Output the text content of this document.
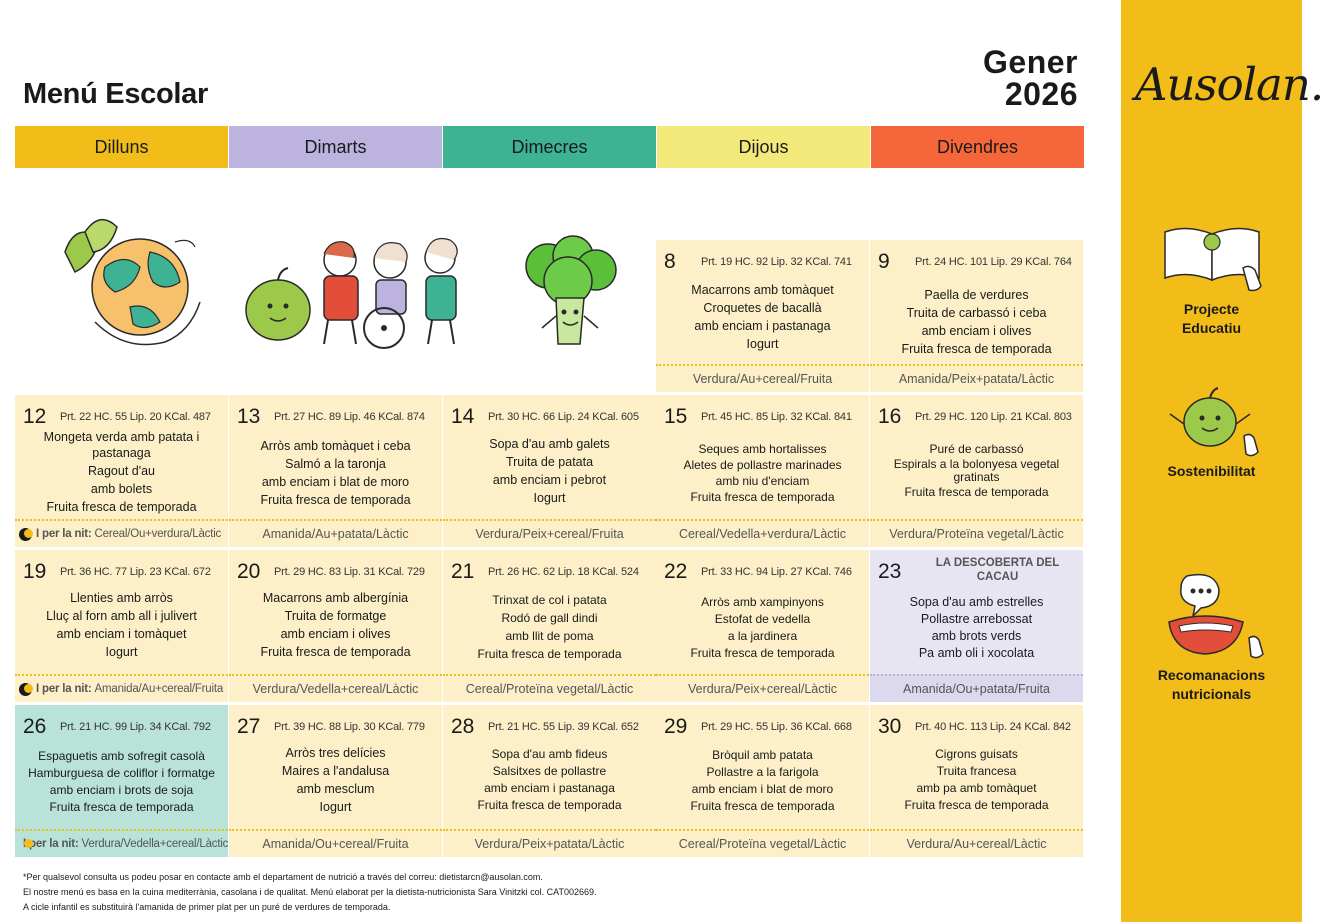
Menú Escolar
Gener
2026
Dilluns	Dimarts	Dimecres	Dijous	Divendres
8 Prt. 19 HC. 92 Lip. 32 KCal. 741
Macarrons amb tomàquet
Croquetes de bacallà
amb enciam i pastanaga
Iogurt
Verdura/Au+cereal/Fruita
9 Prt. 24 HC. 101 Lip. 29 KCal. 764
Paella de verdures
Truita de carbassó i ceba
amb enciam i olives
Fruita fresca de temporada
Amanida/Peix+patata/Làctic
12 Prt. 22 HC. 55 Lip. 20 KCal. 487
Mongeta verda amb patata i pastanaga
Ragout d'au
amb bolets
Fruita fresca de temporada
I per la nit:
Cereal/Ou+verdura/Làctic
13 Prt. 27 HC. 89 Lip. 46 KCal. 874
Arròs amb tomàquet i ceba
Salmó a la taronja
amb enciam i blat de moro
Fruita fresca de temporada
Amanida/Au+patata/Làctic
14 Prt. 30 HC. 66 Lip. 24 KCal. 605
Sopa d'au amb galets
Truita de patata
amb enciam i pebrot
Iogurt
Verdura/Peix+cereal/Fruita
15 Prt. 45 HC. 85 Lip. 32 KCal. 841
Seques amb hortalisses
Aletes de pollastre marinades
amb niu d'enciam
Fruita fresca de temporada
Cereal/Vedella+verdura/Làctic
16 Prt. 29 HC. 120 Lip. 21 KCal. 803
Puré de carbassó
Espirals a la bolonyesa vegetal gratinats
Fruita fresca de temporada
Verdura/Proteïna vegetal/Làctic
19 Prt. 36 HC. 77 Lip. 23 KCal. 672
Llenties amb arròs
Lluç al forn amb all i julivert
amb enciam i tomàquet
Iogurt
I per la nit:
Amanida/Au+cereal/Fruita
20 Prt. 29 HC. 83 Lip. 31 KCal. 729
Macarrons amb albergínia
Truita de formatge
amb enciam i olives
Fruita fresca de temporada
Verdura/Vedella+cereal/Làctic
21 Prt. 26 HC. 62 Lip. 18 KCal. 524
Trinxat de col i patata
Rodó de gall dindi
amb llit de poma
Fruita fresca de temporada
Cereal/Proteïna vegetal/Làctic
22 Prt. 33 HC. 94 Lip. 27 KCal. 746
Arròs amb xampinyons
Estofat de vedella
a la jardinera
Fruita fresca de temporada
Verdura/Peix+cereal/Làctic
23	LA DESCOBERTA DEL CACAU
Sopa d'au amb estrelles
Pollastre arrebossat
amb brots verds
Pa amb oli i xocolata
Amanida/Ou+patata/Fruita
26 Prt. 21 HC. 99 Lip. 34 KCal. 792
Espaguetis amb sofregit casolà
Hamburguesa de coliflor i formatge
amb enciam i brots de soja
Fruita fresca de temporada
I per la nit:
Verdura/Vedella+cereal/Làctic
27 Prt. 39 HC. 88 Lip. 30 KCal. 779
Arròs tres delícies
Maires a l'andalusa
amb mesclum
Iogurt
Amanida/Ou+cereal/Fruita
28 Prt. 21 HC. 55 Lip. 39 KCal. 652
Sopa d'au amb fideus
Salsitxes de pollastre
amb enciam i pastanaga
Fruita fresca de temporada
Verdura/Peix+patata/Làctic
29 Prt. 29 HC. 55 Lip. 36 KCal. 668
Bròquil amb patata
Pollastre a la farigola
amb enciam i blat de moro
Fruita fresca de temporada
Cereal/Proteïna vegetal/Làctic
30 Prt. 40 HC. 113 Lip. 24 KCal. 842
Cigrons guisats
Truita francesa
amb pa amb tomàquet
Fruita fresca de temporada
Verdura/Au+cereal/Làctic
*Per qualsevol consulta us podeu posar en contacte amb el departament de nutrició a través del correu: dietistarcn@ausolan.com.
El nostre menú es basa en la cuina mediterrània, casolana i de qualitat. Menú elaborat per la dietista-nutricionista Sara Vinitzki col. CAT002669.
A cicle infantil es substituirà l'amanida de primer plat per un puré de verdures de temporada.
Ausolan.
Projecte
Educatiu
Sostenibilitat
Recomanacions
nutricionals
